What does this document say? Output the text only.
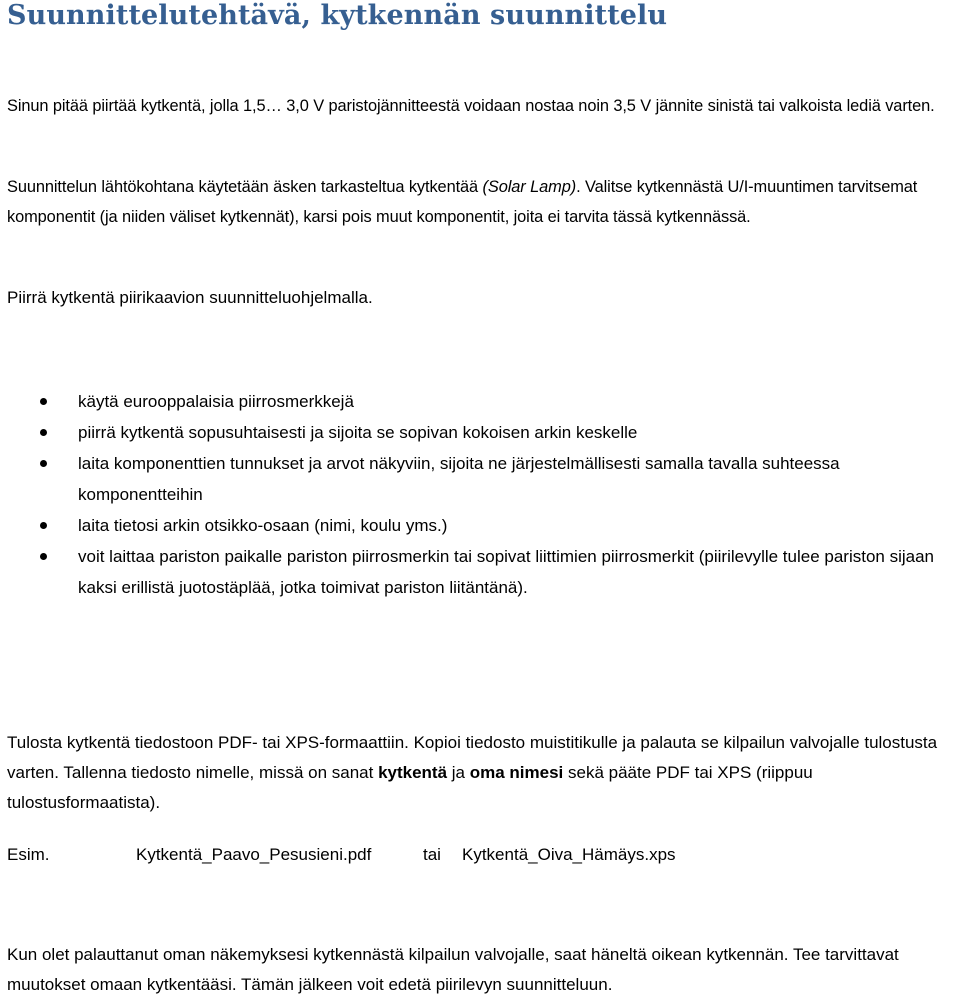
Suunnittelutehtävä, kytkennän suunnittelu

Sinun pitää piirtää kytkentä, jolla 1,5… 3,0 V paristojännitteestä voidaan nostaa noin 3,5 V jännite sinistä tai valkoista lediä varten.

Suunnittelun lähtökohtana käytetään äsken tarkasteltua kytkentää (Solar Lamp). Valitse kytkennästä U/I-muuntimen tarvitsemat komponentit (ja niiden väliset kytkennät), karsi pois muut komponentit, joita ei tarvita tässä kytkennässä.

Piirrä kytkentä piirikaavion suunnitteluohjelmalla.

käytä eurooppalaisia piirrosmerkkejä
piirrä kytkentä sopusuhtaisesti ja sijoita se sopivan kokoisen arkin keskelle
laita komponenttien tunnukset ja arvot näkyviin, sijoita ne järjestelmällisesti samalla tavalla suhteessa komponentteihin
laita tietosi arkin otsikko-osaan (nimi, koulu yms.)
voit laittaa pariston paikalle pariston piirrosmerkin tai sopivat liittimien piirrosmerkit (piirilevylle tulee pariston sijaan kaksi erillistä juotostäplää, jotka toimivat pariston liitäntänä).

Tulosta kytkentä tiedostoon PDF- tai XPS-formaattiin. Kopioi tiedosto muistitikulle ja palauta se kilpailun valvojalle tulostusta varten. Tallenna tiedosto nimelle, missä on sanat kytkentä ja oma nimesi sekä pääte PDF tai XPS (riippuu tulostusformaatista).

Esim.	Kytkentä_Paavo_Pesusieni.pdf	tai Kytkentä_Oiva_Hämäys.xps

Kun olet palauttanut oman näkemyksesi kytkennästä kilpailun valvojalle, saat häneltä oikean kytkennän. Tee tarvittavat muutokset omaan kytkentääsi. Tämän jälkeen voit edetä piirilevyn suunnitteluun.
